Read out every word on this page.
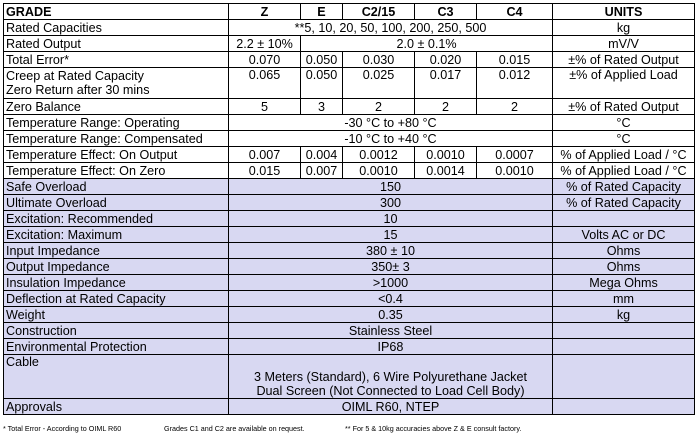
GRADE	Z	E	C2/15	C3	C4	UNITS
Rated Capacities	**5, 10, 20, 50, 100, 200, 250, 500					kg
Rated Output	2.2 ± 10%	2.0 ± 0.1%				mV/V
Total Error*	0.070	0.050	0.030	0.020	0.015	±% of Rated Output

Creep at Rated Capacity
Zero Return after 30 mins	0.065	0.050	0.025	0.017	0.012	±% of Applied Load
Zero Balance	5	3	2	2	2	±% of Rated Output
Temperature Range: Operating	-30 °C to +80 °C					°C
Temperature Range: Compensated	-10 °C to +40 °C					°C
Temperature Effect: On Output	0.007	0.004	0.0012	0.0010	0.0007	% of Applied Load / °C
Temperature Effect: On Zero	0.015	0.007	0.0010	0.0014	0.0010	% of Applied Load / °C
Safe Overload	150					% of Rated Capacity
Ultimate Overload	300					% of Rated Capacity
Excitation: Recommended	10					
Excitation: Maximum	15					Volts AC or DC
Input Impedance	380 ± 10					Ohms
Output Impedance	350± 3					Ohms
Insulation Impedance	>1000					Mega Ohms
Deflection at Rated Capacity	<0.4					mm
Weight	0.35					kg
Construction	Stainless Steel					
Environmental Protection	IP68					
Cable	3 Meters (Standard), 6 Wire Polyurethane Jacket
Dual Screen (Not Connected to Load Cell Body)					

Approvals	OIML R60, NTEP					
* Total Error - According to OIML R60	Grades C1 and C2 are available on request.	** For 5 & 10kg accuracies above Z & E consult factory.
